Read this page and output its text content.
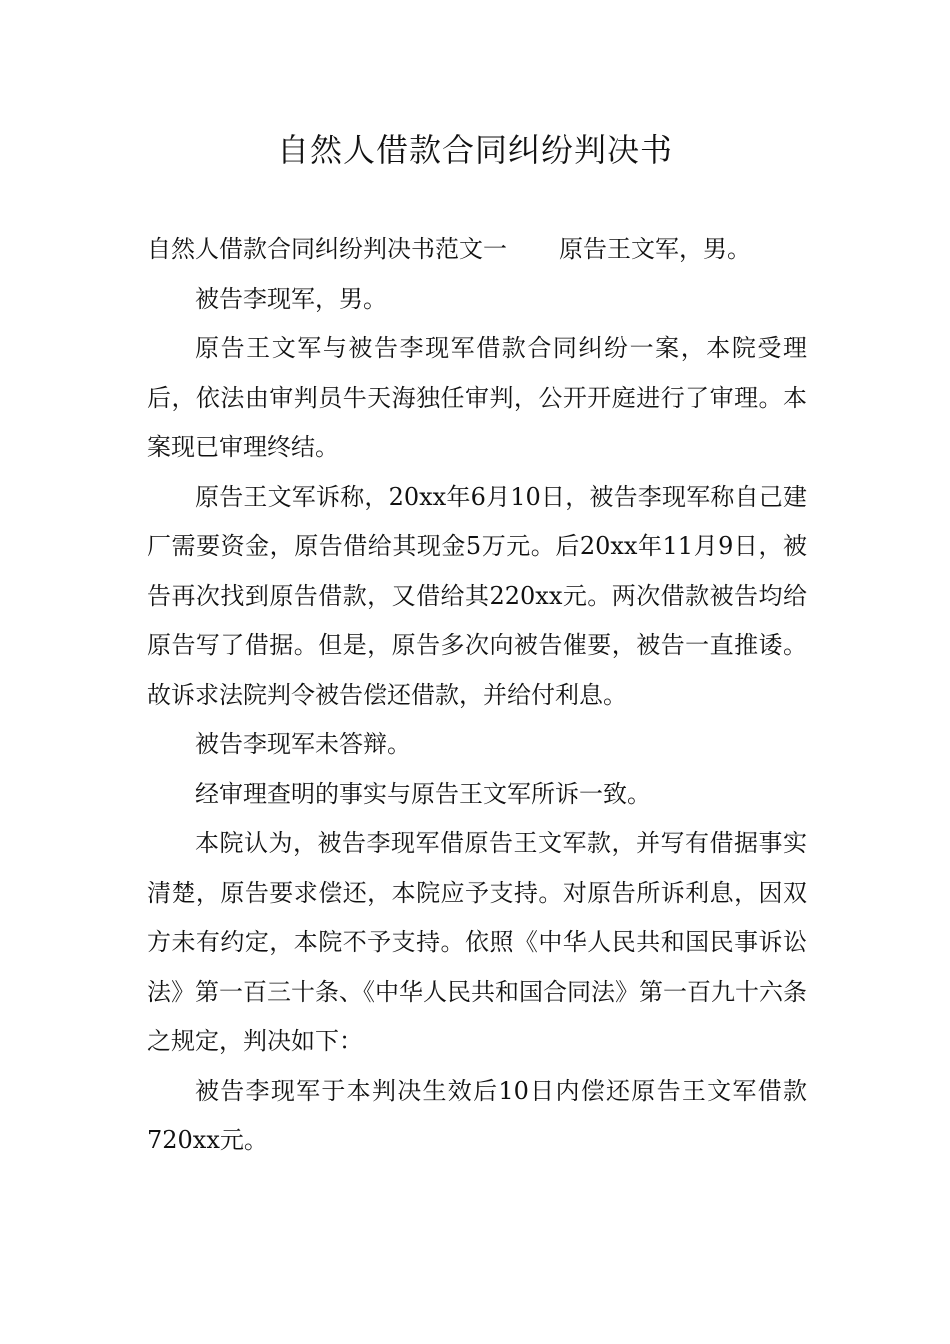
自然人借款合同纠纷判决书

自然人借款合同纠纷判决书范文一 原告王文军，男。

被告李现军，男。

原告王文军与被告李现军借款合同纠纷一案，本院受理后，依法由审判员牛天海独任审判，公开开庭进行了审理。本案现已审理终结。

原告王文军诉称，20xx年6月10日，被告李现军称自己建厂需要资金，原告借给其现金5万元。后20xx年11月9日，被告再次找到原告借款，又借给其220xx元。两次借款被告均给原告写了借据。但是，原告多次向被告催要，被告一直推诿。故诉求法院判令被告偿还借款，并给付利息。

被告李现军未答辩。

经审理查明的事实与原告王文军所诉一致。

本院认为，被告李现军借原告王文军款，并写有借据事实清楚，原告要求偿还，本院应予支持。对原告所诉利息，因双方未有约定，本院不予支持。依照《中华人民共和国民事诉讼法》第一百三十条、《中华人民共和国合同法》第一百九十六条之规定，判决如下：

被告李现军于本判决生效后10日内偿还原告王文军借款720xx元。
